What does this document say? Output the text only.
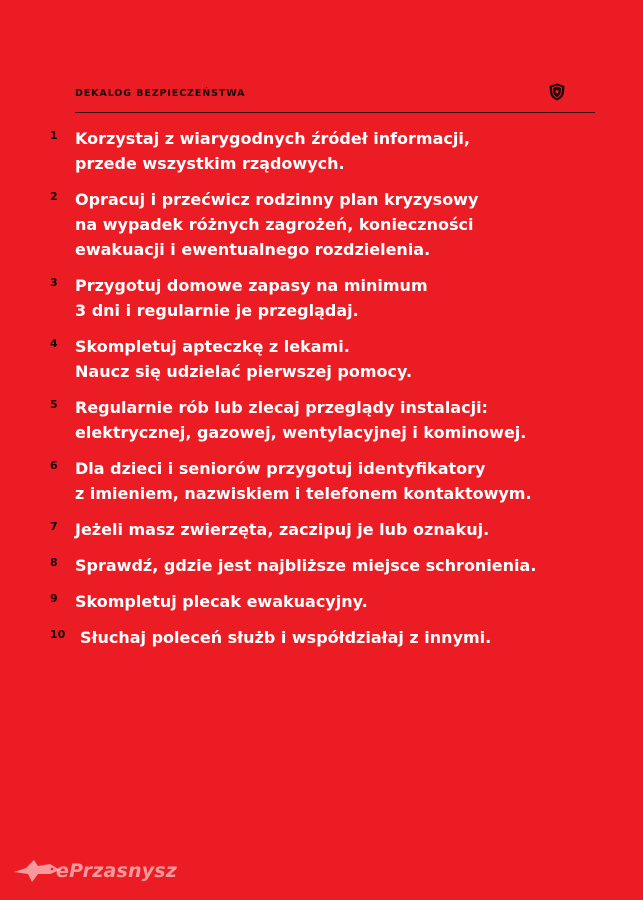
DEKALOG BEZPIECZEŃSTWA
1 Korzystaj z wiarygodnych źródeł informacji,
przede wszystkim rządowych.
2 Opracuj i przećwicz rodzinny plan kryzysowy
na wypadek różnych zagrożeń, konieczności
ewakuacji i ewentualnego rozdzielenia.
3 Przygotuj domowe zapasy na minimum
3 dni i regularnie je przeglądaj.
4 Skompletuj apteczkę z lekami.
Naucz się udzielać pierwszej pomocy.
5 Regularnie rób lub zlecaj przeglądy instalacji:
elektrycznej, gazowej, wentylacyjnej i kominowej.
6 Dla dzieci i seniorów przygotuj identyfikatory
z imieniem, nazwiskiem i telefonem kontaktowym.
7 Jeżeli masz zwierzęta, zaczipuj je lub oznakuj.
8 Sprawdź, gdzie jest najbliższe miejsce schronienia.
9 Skompletuj plecak ewakuacyjny.
10 Słuchaj poleceń służb i współdziałaj z innymi.
ePrzasnysz
